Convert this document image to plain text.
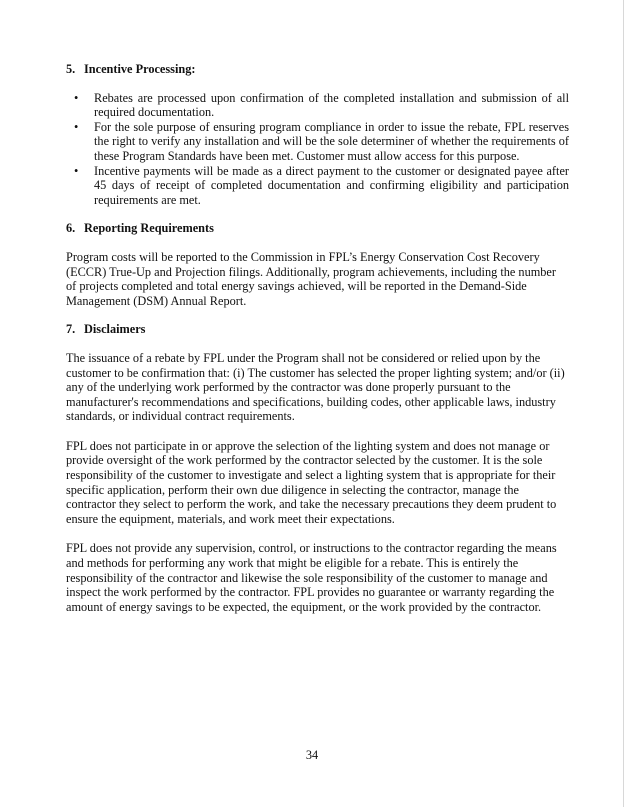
5. Incentive Processing:
• Rebates are processed upon confirmation of the completed installation and submission of all required documentation.
• For the sole purpose of ensuring program compliance in order to issue the rebate, FPL reserves the right to verify any installation and will be the sole determiner of whether the requirements of these Program Standards have been met. Customer must allow access for this purpose.
• Incentive payments will be made as a direct payment to the customer or designated payee after 45 days of receipt of completed documentation and confirming eligibility and participation requirements are met.
6. Reporting Requirements

Program costs will be reported to the Commission in FPL’s Energy Conservation Cost Recovery (ECCR) True-Up and Projection filings. Additionally, program achievements, including the number of projects completed and total energy savings achieved, will be reported in the Demand-Side Management (DSM) Annual Report.

7. Disclaimers

The issuance of a rebate by FPL under the Program shall not be considered or relied upon by the customer to be confirmation that: (i) The customer has selected the proper lighting system; and/or (ii) any of the underlying work performed by the contractor was done properly pursuant to the manufacturer's recommendations and specifications, building codes, other applicable laws, industry standards, or individual contract requirements.

FPL does not participate in or approve the selection of the lighting system and does not manage or provide oversight of the work performed by the contractor selected by the customer. It is the sole responsibility of the customer to investigate and select a lighting system that is appropriate for their specific application, perform their own due diligence in selecting the contractor, manage the contractor they select to perform the work, and take the necessary precautions they deem prudent to ensure the equipment, materials, and work meet their expectations.

FPL does not provide any supervision, control, or instructions to the contractor regarding the means and methods for performing any work that might be eligible for a rebate. This is entirely the responsibility of the contractor and likewise the sole responsibility of the customer to manage and inspect the work performed by the contractor. FPL provides no guarantee or warranty regarding the amount of energy savings to be expected, the equipment, or the work provided by the contractor.

34
